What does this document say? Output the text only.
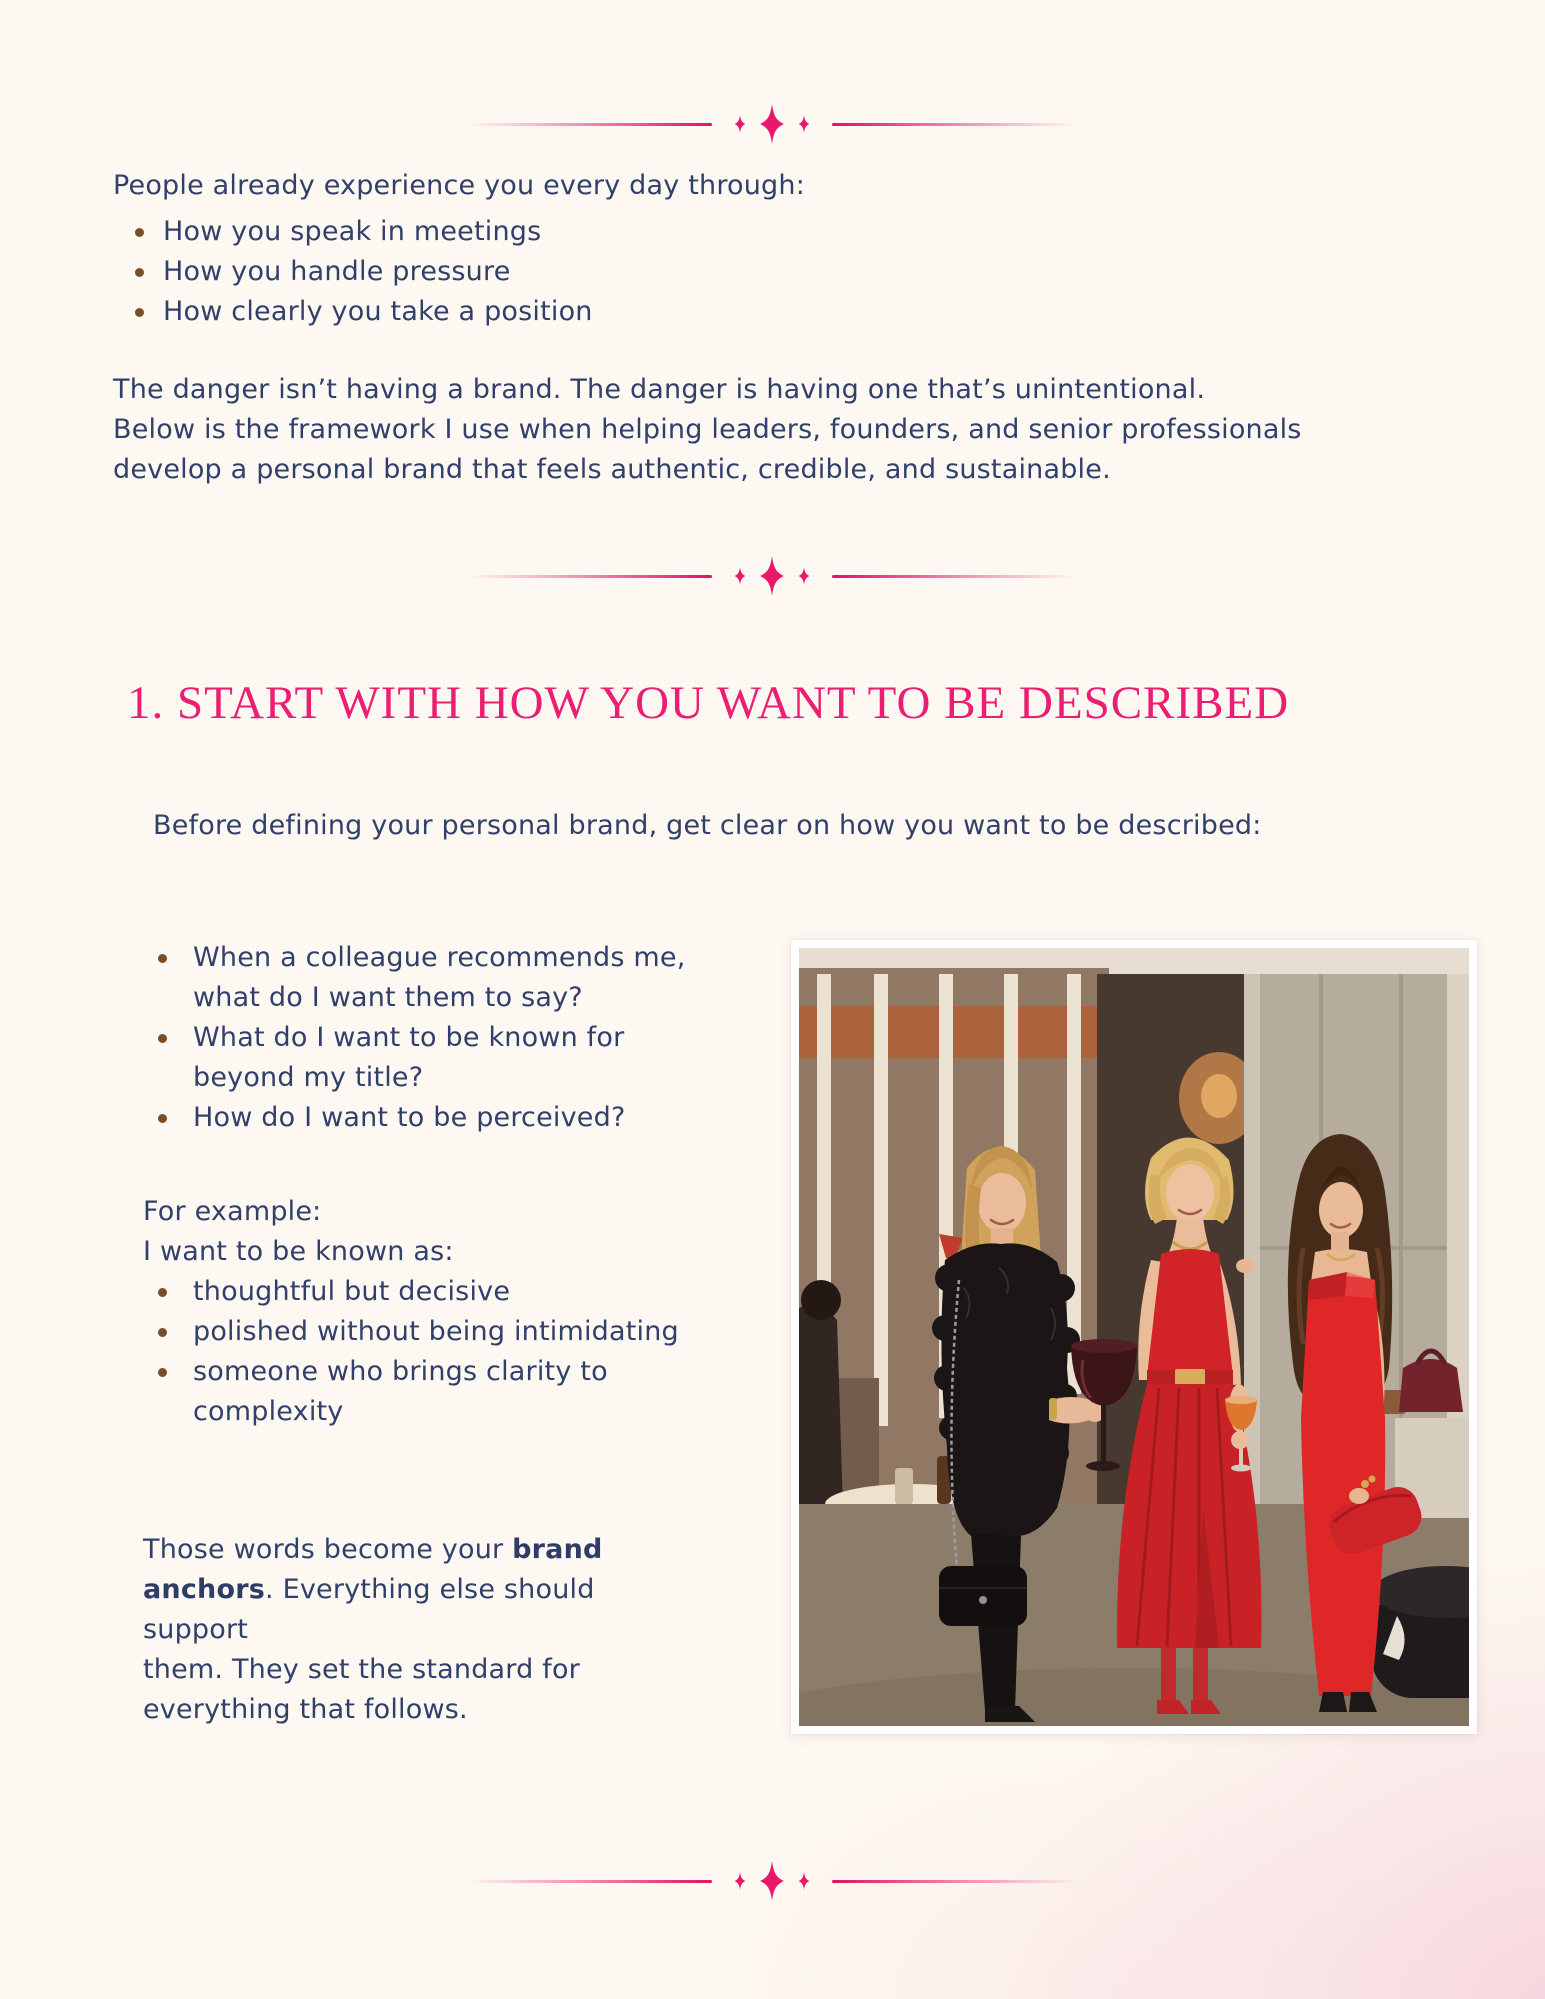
People already experience you every day through:

How you speak in meetings
How you handle pressure
How clearly you take a position

The danger isn’t having a brand. The danger is having one that’s unintentional.
Below is the framework I use when helping leaders, founders, and senior professionals
develop a personal brand that feels authentic, credible, and sustainable.

1. START WITH HOW YOU WANT TO BE DESCRIBED

Before defining your personal brand, get clear on how you want to be described:

When a colleague recommends me,
what do I want them to say?
What do I want to be known for
beyond my title?
How do I want to be perceived?

For example:

I want to be known as:

thoughtful but decisive
polished without being intimidating
someone who brings clarity to
complexity

Those words become your brand
anchors. Everything else should support
them. They set the standard for
everything that follows.
